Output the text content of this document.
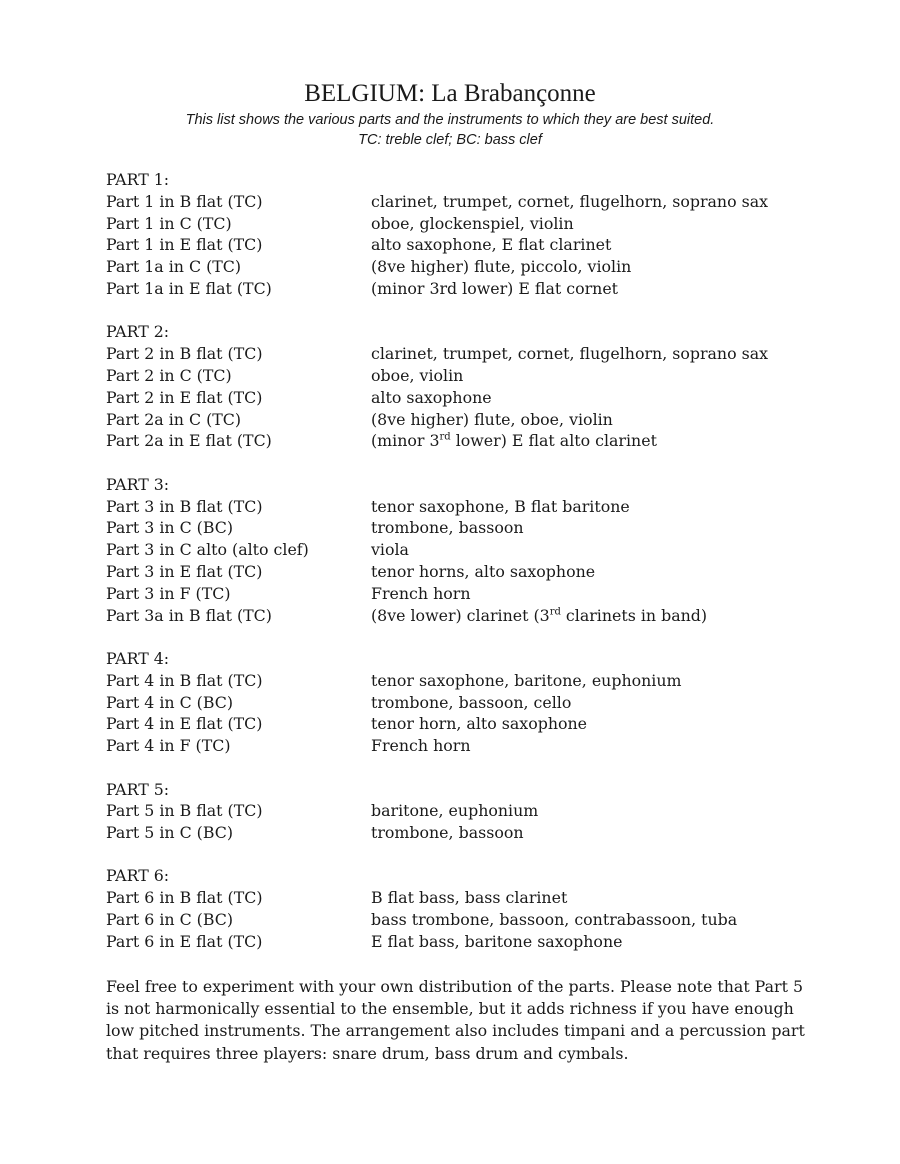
BELGIUM: La Brabançonne
This list shows the various parts and the instruments to which they are best suited.
TC: treble clef; BC: bass clef
PART 1:
Part 1 in B flat (TC)	clarinet, trumpet, cornet, flugelhorn, soprano sax
Part 1 in C (TC)	oboe, glockenspiel, violin
Part 1 in E flat (TC)	alto saxophone, E flat clarinet
Part 1a in C (TC)	(8ve higher) flute, piccolo, violin
Part 1a in E flat (TC)	(minor 3rd lower) E flat cornet
PART 2:
Part 2 in B flat (TC)	clarinet, trumpet, cornet, flugelhorn, soprano sax
Part 2 in C (TC)	oboe, violin
Part 2 in E flat (TC)	alto saxophone
Part 2a in C (TC)	(8ve higher) flute, oboe, violin
Part 2a in E flat (TC)	(minor 3rd lower) E flat alto clarinet
PART 3:
Part 3 in B flat (TC)	tenor saxophone, B flat baritone
Part 3 in C (BC)	trombone, bassoon
Part 3 in C alto (alto clef)	viola
Part 3 in E flat (TC)	tenor horns, alto saxophone
Part 3 in F (TC)	French horn
Part 3a in B flat (TC)	(8ve lower) clarinet (3rd clarinets in band)
PART 4:
Part 4 in B flat (TC)	tenor saxophone, baritone, euphonium
Part 4 in C (BC)	trombone, bassoon, cello
Part 4 in E flat (TC)	tenor horn, alto saxophone
Part 4 in F (TC)	French horn
PART 5:
Part 5 in B flat (TC)	baritone, euphonium
Part 5 in C (BC)	trombone, bassoon
PART 6:
Part 6 in B flat (TC)	B flat bass, bass clarinet
Part 6 in C (BC)	bass trombone, bassoon, contrabassoon, tuba
Part 6 in E flat (TC)	E flat bass, baritone saxophone
Feel free to experiment with your own distribution of the parts. Please note that Part 5 is not harmonically essential to the ensemble, but it adds richness if you have enough low pitched instruments. The arrangement also includes timpani and a percussion part that requires three players: snare drum, bass drum and cymbals.
